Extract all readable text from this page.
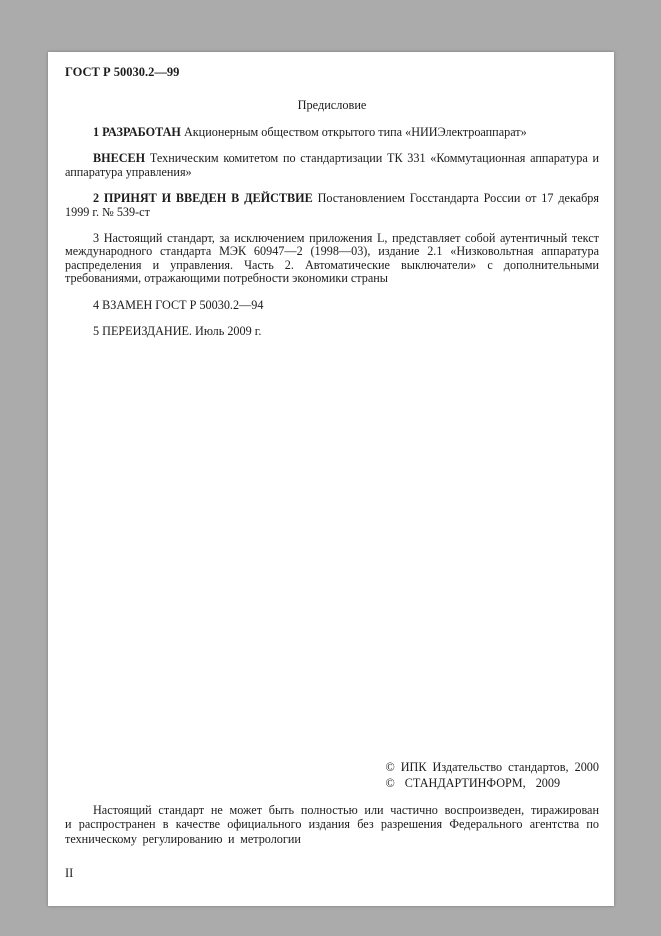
ГОСТ Р 50030.2—99
Предисловие

1 РАЗРАБОТАН Акционерным обществом открытого типа «НИИЭлектроаппарат»

ВНЕСЕН Техническим комитетом по стандартизации ТК 331 «Коммутационная аппаратура и аппаратура управления»

2 ПРИНЯТ И ВВЕДЕН В ДЕЙСТВИЕ Постановлением Госстандарта России от 17 декабря 1999 г. № 539-ст

3 Настоящий стандарт, за исключением приложения L, представляет собой аутентичный текст международного стандарта МЭК 60947—2 (1998—03), издание 2.1 «Низковольтная аппаратура распределения и управления. Часть 2. Автоматические выключатели» с дополнительными требованиями, отражающими потребности экономики страны

4 ВЗАМЕН ГОСТ Р 50030.2—94

5 ПЕРЕИЗДАНИЕ. Июль 2009 г.

© ИПК Издательство стандартов, 2000
© СТАНДАРТИНФОРМ, 2009

Настоящий стандарт не может быть полностью или частично воспроизведен, тиражирован и распространен в качестве официального издания без разрешения Федерального агентства по техническому регулированию и метрологии

II
